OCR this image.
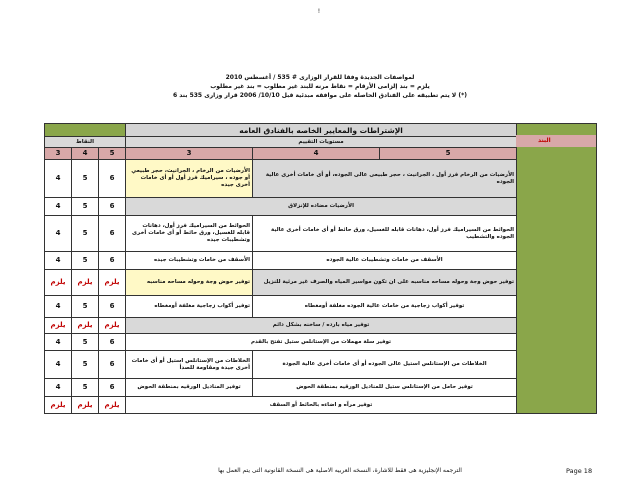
!
لمواصفات الجديدة وفقا للقرار الوزارى # 535 / أغسطس 2010
يلزم = بند إلزامى الأرقام = نقاط مرنه للبند غير مطلوب = بند غير مطلوب
(*) لا يتم تطبيقه على الفنادق الحاصله على موافقه مبدئية قبل 10/10/ 2006 قرار وزارى 535 بند 6
			الإشتراطات والمعايير الخاصه بالفنادق العامه			
النقاط			مستويات التقييم			
3	4	5	3	4	5	
4	5	6	الأرضيات من الرخام ، الجرانيت، حجر طبيعي أو جوده ، سيراميك فرز أول أو أى خامات أخرى جيده	الأرضيات من الرخام فرز أول ، الجرانيت ، حجر طبيعى عالى الجوده، أو أى خامات أخرى عالية الجوده		
4	5	6	الأرضيات مضاده للإنزلاق			
4	5	6	الحوائط من السيراميك فرز أول، دهانات قابله للغسيل، ورق حائط أو أى خامات أخرى وتشطيبات جيده	الحوائط من السيراميك فرز أول، دهانات قابله للغسيل، ورق حائط أو أى خامات أخرى عالية الجوده والتشطيب		
4	5	6	الأسقف من خامات وتشطيبات جيده	الأسقف من خامات وتشطيبات عالية الجوده		
يلزم	يلزم	يلزم	توفير حوض وجة وحوله مساحه مناسبه	توفير حوض وجة وحوله مساحه مناسبه على ان تكون مواسير المياه والصرف غير مرئية للنزيل		
4	5	6	توفير أكواب زجاجية مغلفة أومغطاه	توفير أكواب زجاجية من خامات عالية الجوده مغلفة أومغطاه		
يلزم	يلزم	يلزم	توفير مياه بارده / ساخنه بشكل دائم			
4	5	6	توفير سلة مهملات من الإستانلس ستيل تفتح بالقدم			
4	5	6	الخلاطات من الإستانلس استيل أو أى خامات أخرى جيدة ومقاومة للصدأ	الخلاطات من الإستانلس استيل عالى الجوده أو أى خامات أخرى عالية الجودة		
4	5	6	توفير المناديل الورقيه بمنطقة الحوض	توفير حامل من الإستانلس ستيل للمناديل الورقيه بمنطقة الحوض		
يلزم	يلزم	يلزم	توفير مرآه و اضاءه بالحائط أو السقف			
البند
الترجمه الإنجليزية هى فقط للاشارة، النسخه العربيه الاصلية هى النسخة القانونية التى يتم العمل بها	Page 18
